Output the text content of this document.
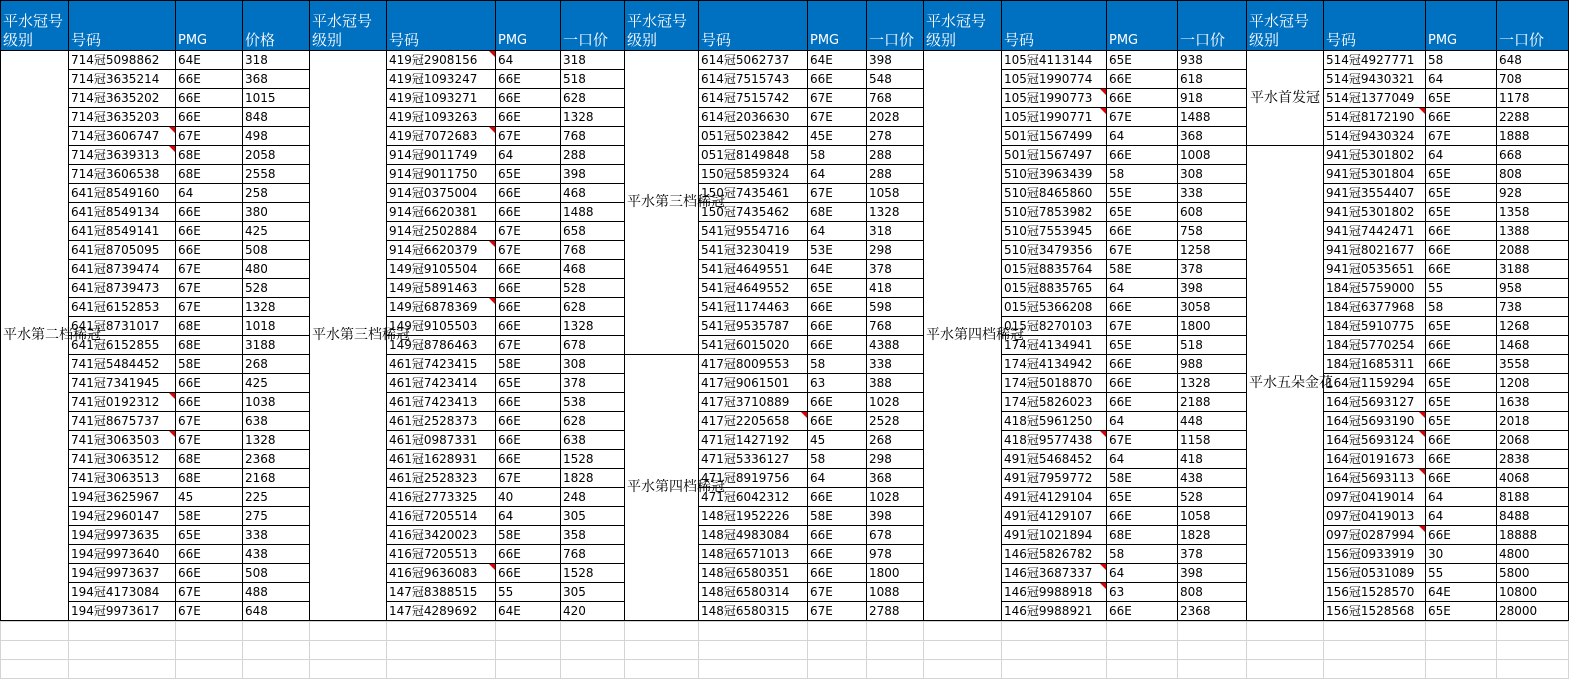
平水冠号级别	号码	PMG	价格	平水冠号级别	号码	PMG	一口价	平水冠号级别	号码	PMG	一口价	平水冠号级别	号码	PMG	一口价	平水冠号级别	号码	PMG	一口价
平水第二档稀冠	714冠5098862	64E	318	平水第三档稀冠	419冠2908156	64	318	平水第三档稀冠	614冠5062737	64E	398	平水第四档稀冠	105冠4113144	65E	938	平水首发冠	514冠4927771	58	648
	714冠3635214	66E	368		419冠1093247	66E	518		614冠7515743	66E	548		105冠1990774	66E	618		514冠9430321	64	708
	714冠3635202	66E	1015		419冠1093271	66E	628		614冠7515742	67E	768		105冠1990773	66E	918		514冠1377049	65E	1178
	714冠3635203	66E	848		419冠1093263	66E	1328		614冠2036630	67E	2028		105冠1990771	67E	1488		514冠8172190	66E	2288
	714冠3606747	67E	498		419冠7072683	67E	768		051冠5023842	45E	278		501冠1567499	64	368		514冠9430324	67E	1888
	714冠3639313	68E	2058		914冠9011749	64	288		051冠8149848	58	288		501冠1567497	66E	1008	平水五朵金花	941冠5301802	64	668
	714冠3606538	68E	2558		914冠9011750	65E	398		150冠5859324	64	288		510冠3963439	58	308		941冠5301804	65E	808
	641冠8549160	64	258		914冠0375004	66E	468		150冠7435461	67E	1058		510冠8465860	55E	338		941冠3554407	65E	928
	641冠8549134	66E	380		914冠6620381	66E	1488		150冠7435462	68E	1328		510冠7853982	65E	608		941冠5301802	65E	1358
	641冠8549141	66E	425		914冠2502884	67E	658		541冠9554716	64	318		510冠7553945	66E	758		941冠7442471	66E	1388
	641冠8705095	66E	508		914冠6620379	67E	768		541冠3230419	53E	298		510冠3479356	67E	1258		941冠8021677	66E	2088
	641冠8739474	67E	480		149冠9105504	66E	468		541冠4649551	64E	378		015冠8835764	58E	378		941冠0535651	66E	3188
	641冠8739473	67E	528		149冠5891463	66E	528		541冠4649552	65E	418		015冠8835765	64	398		184冠5759000	55	958
	641冠6152853	67E	1328		149冠6878369	66E	628		541冠1174463	66E	598		015冠5366208	66E	3058		184冠6377968	58	738
	641冠8731017	68E	1018		149冠9105503	66E	1328		541冠9535787	66E	768		015冠8270103	67E	1800		184冠5910775	65E	1268
	641冠6152855	68E	3188		149冠8786463	67E	678		541冠6015020	66E	4388		174冠4134941	65E	518		184冠5770254	66E	1468
	741冠5484452	58E	268		461冠7423415	58E	308	平水第四档稀冠	417冠8009553	58	338		174冠4134942	66E	988		184冠1685311	66E	3558
	741冠7341945	66E	425		461冠7423414	65E	378		417冠9061501	63	388		174冠5018870	66E	1328		164冠1159294	65E	1208
	741冠0192312	66E	1038		461冠7423413	66E	538		417冠3710889	66E	1028		174冠5826023	66E	2188		164冠5693127	65E	1638
	741冠8675737	67E	638		461冠2528373	66E	628		417冠2205658	66E	2528		418冠5961250	64	448		164冠5693190	65E	2018
	741冠3063503	67E	1328		461冠0987331	66E	638		471冠1427192	45	268		418冠9577438	67E	1158		164冠5693124	66E	2068
	741冠3063512	68E	2368		461冠1628931	66E	1528		471冠5336127	58	298		491冠5468452	64	418		164冠0191673	66E	2838
	741冠3063513	68E	2168		461冠2528323	67E	1828		471冠8919756	64	368		491冠7959772	58E	438		164冠5693113	66E	4068
	194冠3625967	45	225		416冠2773325	40	248		471冠6042312	66E	1028		491冠4129104	65E	528		097冠0419014	64	8188
	194冠2960147	58E	275		416冠7205514	64	305		148冠1952226	58E	398		491冠4129107	66E	1058		097冠0419013	64	8488
	194冠9973635	65E	338		416冠3420023	58E	358		148冠4983084	66E	678		491冠1021894	68E	1828		097冠0287994	66E	18888
	194冠9973640	66E	438		416冠7205513	66E	768		148冠6571013	66E	978		146冠5826782	58	378		156冠0933919	30	4800
	194冠9973637	66E	508		416冠9636083	66E	1528		148冠6580351	66E	1800		146冠3687337	64	398		156冠0531089	55	5800
	194冠4173084	67E	488		147冠8388515	55	305		148冠6580314	67E	1088		146冠9988918	63	808		156冠1528570	64E	10800
	194冠9973617	67E	648		147冠4289692	64E	420		148冠6580315	67E	2788		146冠9988921	66E	2368		156冠1528568	65E	28000
